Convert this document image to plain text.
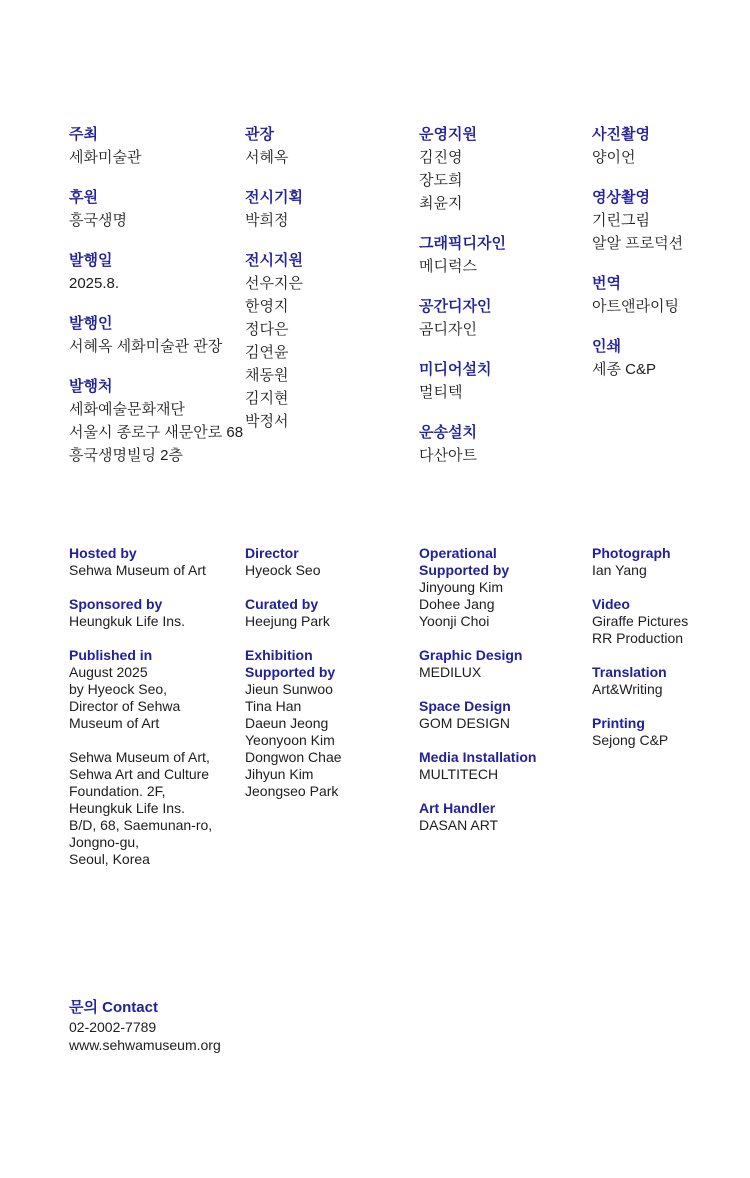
주최
세화미술관
후원
흥국생명
발행일
2025.8.
발행인
서혜옥 세화미술관 관장
발행처
세화예술문화재단
서울시 종로구 새문안로 68
흥국생명빌딩 2층
관장
서혜옥
전시기획
박희정
전시지원
선우지은
한영지
정다은
김연윤
채동원
김지현
박정서
운영지원
김진영
장도희
최윤지
그래픽디자인
메디럭스
공간디자인
곰디자인
미디어설치
멀티텍
운송설치
다산아트
사진촬영
양이언
영상촬영
기린그림
알알 프로덕션
번역
아트앤라이팅
인쇄
세종 C&P
Hosted by
Sehwa Museum of Art
Sponsored by
Heungkuk Life Ins.
Published in
August 2025
by Hyeock Seo,
Director of Sehwa
Museum of Art
Sehwa Museum of Art,
Sehwa Art and Culture
Foundation. 2F,
Heungkuk Life Ins.
B/D, 68, Saemunan-ro,
Jongno-gu,
Seoul, Korea
Director
Hyeock Seo
Curated by
Heejung Park
Exhibition
Supported by
Jieun Sunwoo
Tina Han
Daeun Jeong
Yeonyoon Kim
Dongwon Chae
Jihyun Kim
Jeongseo Park
Operational
Supported by
Jinyoung Kim
Dohee Jang
Yoonji Choi
Graphic Design
MEDILUX
Space Design
GOM DESIGN
Media Installation
MULTITECH
Art Handler
DASAN ART
Photograph
Ian Yang
Video
Giraffe Pictures
RR Production
Translation
Art&Writing
Printing
Sejong C&P
문의 Contact
02-2002-7789
www.sehwamuseum.org
